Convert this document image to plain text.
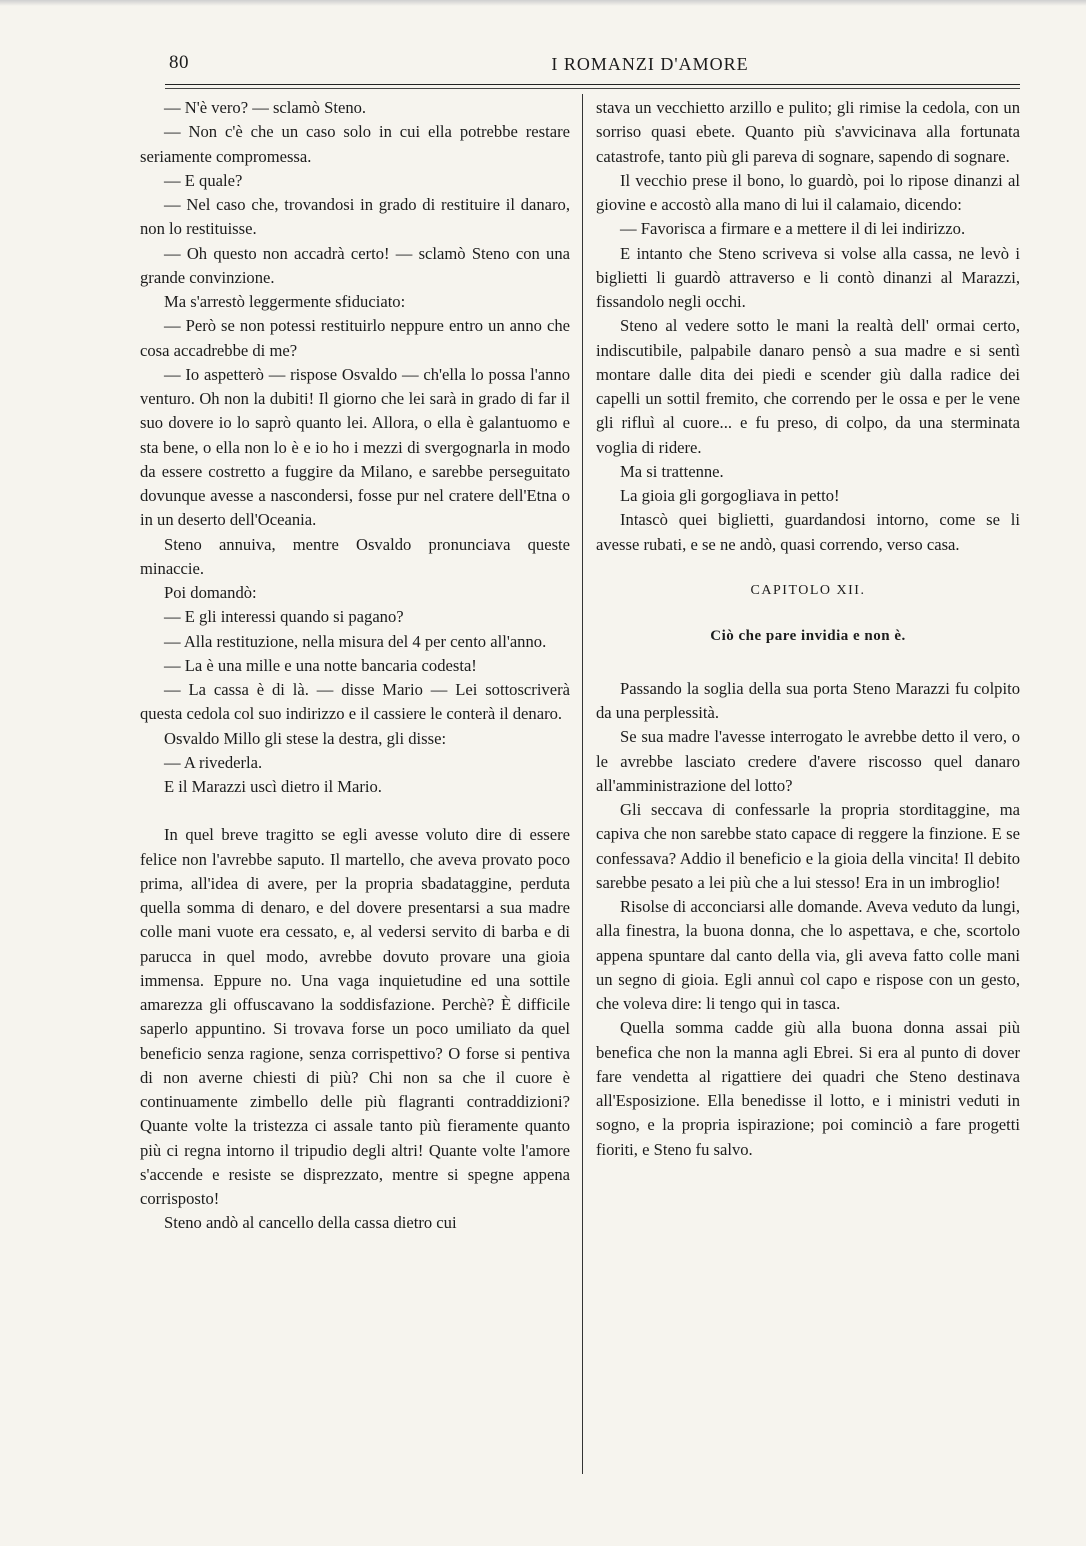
80	I ROMANZI D'AMORE

— N'è vero? — sclamò Steno.

— Non c'è che un caso solo in cui ella potrebbe restare seriamente compromessa.

— E quale?

— Nel caso che, trovandosi in grado di restituire il danaro, non lo restituisse.

— Oh questo non accadrà certo! — sclamò Steno con una grande convinzione.

Ma s'arrestò leggermente sfiduciato:

— Però se non potessi restituirlo neppure entro un anno che cosa accadrebbe di me?

— Io aspetterò — rispose Osvaldo — ch'ella lo possa l'anno venturo. Oh non la dubiti! Il giorno che lei sarà in grado di far il suo dovere io lo saprò quanto lei. Allora, o ella è galantuomo e sta bene, o ella non lo è e io ho i mezzi di svergognarla in modo da essere costretto a fuggire da Milano, e sarebbe perseguitato dovunque avesse a nascondersi, fosse pur nel cratere dell'Etna o in un deserto dell'Oceania.

Steno annuiva, mentre Osvaldo pronunciava queste minaccie.

Poi domandò:

— E gli interessi quando si pagano?

— Alla restituzione, nella misura del 4 per cento all'anno.

— La è una mille e una notte bancaria codesta!

— La cassa è di là. — disse Mario — Lei sottoscriverà questa cedola col suo indirizzo e il cassiere le conterà il denaro.

Osvaldo Millo gli stese la destra, gli disse:

— A rivederla.

E il Marazzi uscì dietro il Mario.

In quel breve tragitto se egli avesse voluto dire di essere felice non l'avrebbe saputo. Il martello, che aveva provato poco prima, all'idea di avere, per la propria sbadataggine, perduta quella somma di denaro, e del dovere presentarsi a sua madre colle mani vuote era cessato, e, al vedersi servito di barba e di parucca in quel modo, avrebbe dovuto provare una gioia immensa. Eppure no. Una vaga inquietudine ed una sottile amarezza gli offuscavano la soddisfazione. Perchè? È difficile saperlo appuntino. Si trovava forse un poco umiliato da quel beneficio senza ragione, senza corrispettivo? O forse si pentiva di non averne chiesti di più? Chi non sa che il cuore è continuamente zimbello delle più flagranti contraddizioni? Quante volte la tristezza ci assale tanto più fieramente quanto più ci regna intorno il tripudio degli altri! Quante volte l'amore s'accende e resiste se disprezzato, mentre si spegne appena corrisposto!

Steno andò al cancello della cassa dietro cui

stava un vecchietto arzillo e pulito; gli rimise la cedola, con un sorriso quasi ebete. Quanto più s'avvicinava alla fortunata catastrofe, tanto più gli pareva di sognare, sapendo di sognare.

Il vecchio prese il bono, lo guardò, poi lo ripose dinanzi al giovine e accostò alla mano di lui il calamaio, dicendo:

— Favorisca a firmare e a mettere il di lei indirizzo.

E intanto che Steno scriveva si volse alla cassa, ne levò i biglietti li guardò attraverso e li contò dinanzi al Marazzi, fissandolo negli occhi.

Steno al vedere sotto le mani la realtà dell' ormai certo, indiscutibile, palpabile danaro pensò a sua madre e si sentì montare dalle dita dei piedi e scender giù dalla radice dei capelli un sottil fremito, che correndo per le ossa e per le vene gli rifluì al cuore... e fu preso, di colpo, da una sterminata voglia di ridere.

Ma si trattenne.

La gioia gli gorgogliava in petto!

Intascò quei biglietti, guardandosi intorno, come se li avesse rubati, e se ne andò, quasi correndo, verso casa.

CAPITOLO XII.
Ciò che pare invidia e non è.

Passando la soglia della sua porta Steno Marazzi fu colpito da una perplessità.

Se sua madre l'avesse interrogato le avrebbe detto il vero, o le avrebbe lasciato credere d'avere riscosso quel danaro all'amministrazione del lotto?

Gli seccava di confessarle la propria storditaggine, ma capiva che non sarebbe stato capace di reggere la finzione. E se confessava? Addio il beneficio e la gioia della vincita! Il debito sarebbe pesato a lei più che a lui stesso! Era in un imbroglio!

Risolse di acconciarsi alle domande. Aveva veduto da lungi, alla finestra, la buona donna, che lo aspettava, e che, scortolo appena spuntare dal canto della via, gli aveva fatto colle mani un segno di gioia. Egli annuì col capo e rispose con un gesto, che voleva dire: li tengo qui in tasca.

Quella somma cadde giù alla buona donna assai più benefica che non la manna agli Ebrei. Si era al punto di dover fare vendetta al rigattiere dei quadri che Steno destinava all'Esposizione. Ella benedisse il lotto, e i ministri veduti in sogno, e la propria ispirazione; poi cominciò a fare progetti fioriti, e Steno fu salvo.
